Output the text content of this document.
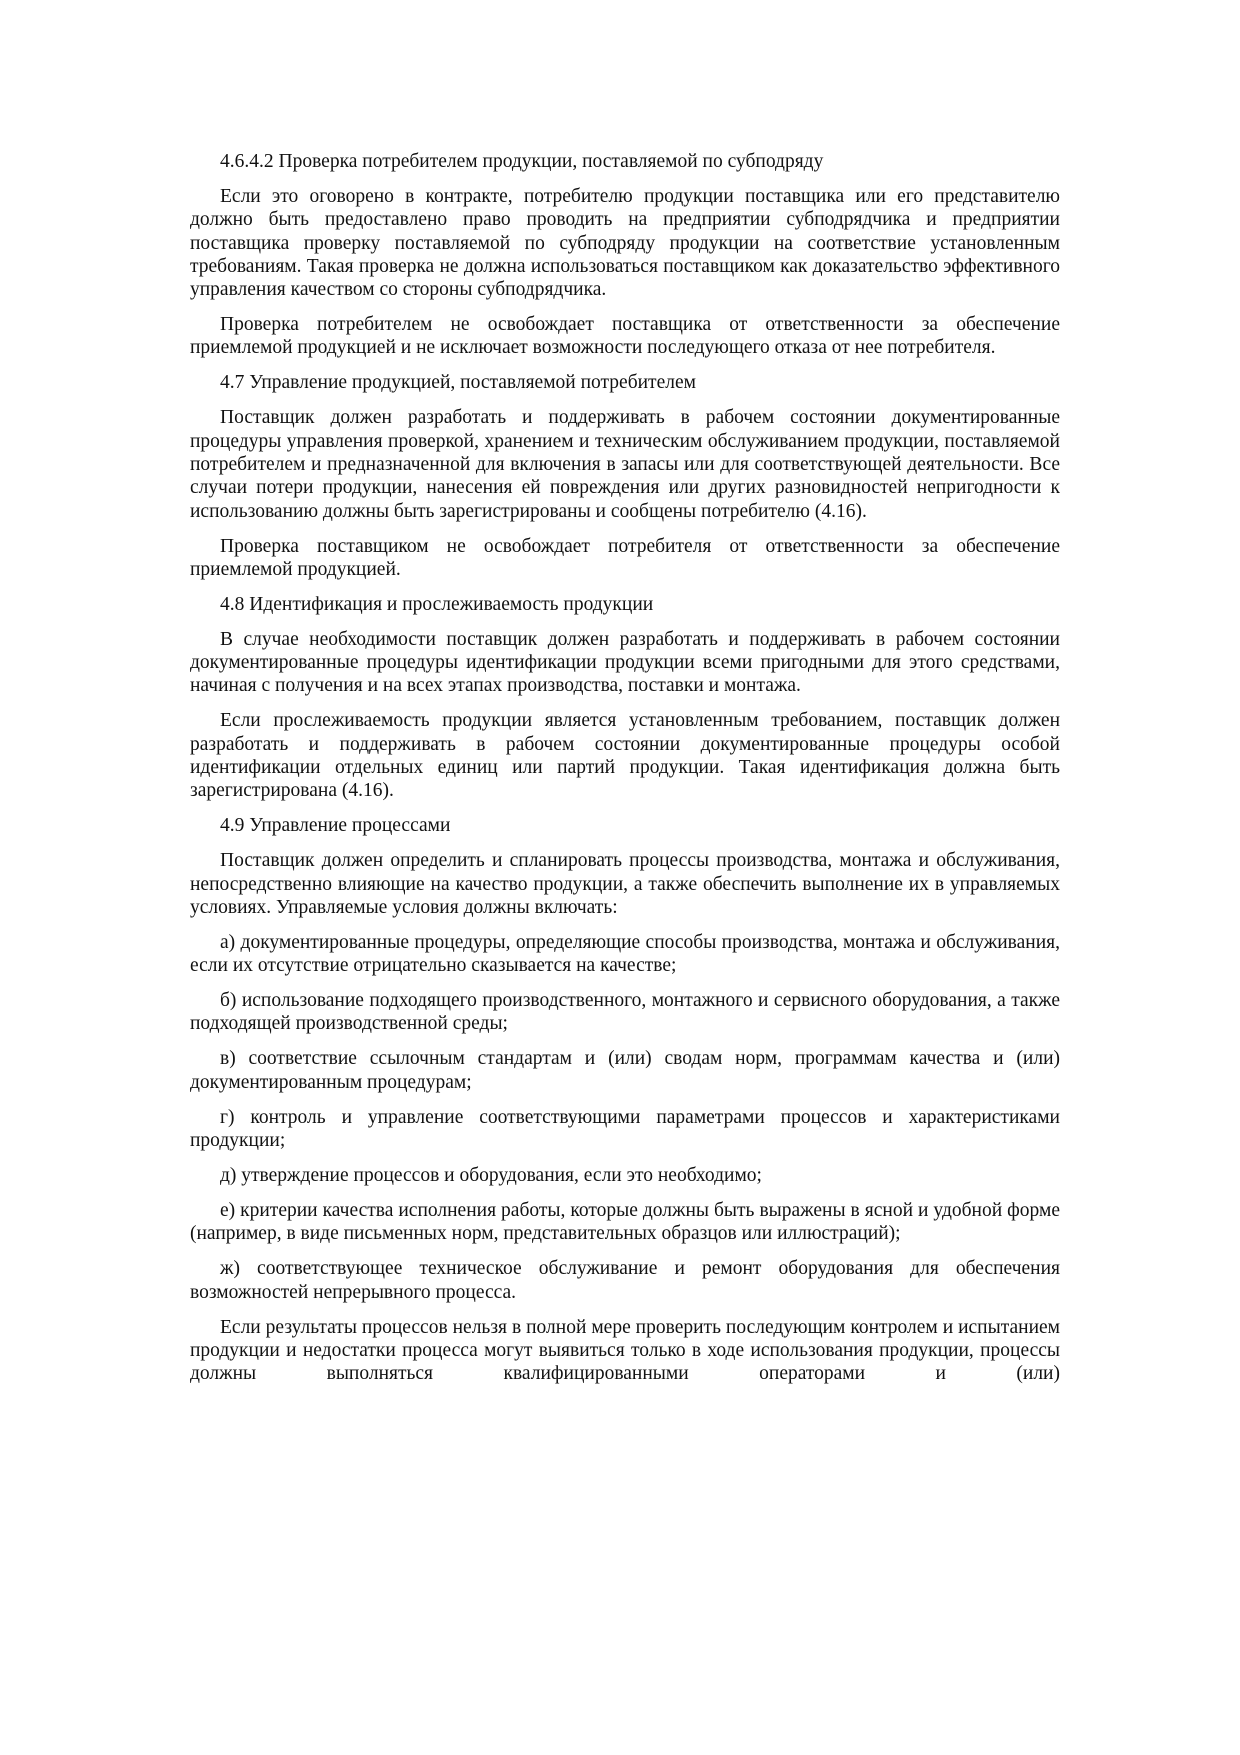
4.6.4.2 Проверка потребителем продукции, поставляемой по субподряду

Если это оговорено в контракте, потребителю продукции поставщика или его представителю должно быть предоставлено право проводить на предприятии субподрядчика и предприятии поставщика проверку поставляемой по субподряду продукции на соответствие установленным требованиям. Такая проверка не должна использоваться поставщиком как доказательство эффективного управления качеством со стороны субподрядчика.

Проверка потребителем не освобождает поставщика от ответственности за обеспечение приемлемой продукцией и не исключает возможности последующего отказа от нее потребителя.

4.7 Управление продукцией, поставляемой потребителем

Поставщик должен разработать и поддерживать в рабочем состоянии документированные процедуры управления проверкой, хранением и техническим обслуживанием продукции, поставляемой потребителем и предназначенной для включения в запасы или для соответствующей деятельности. Все случаи потери продукции, нанесения ей повреждения или других разновидностей непригодности к использованию должны быть зарегистрированы и сообщены потребителю (4.16).

Проверка поставщиком не освобождает потребителя от ответственности за обеспечение приемлемой продукцией.

4.8 Идентификация и прослеживаемость продукции

В случае необходимости поставщик должен разработать и поддерживать в рабочем состоянии документированные процедуры идентификации продукции всеми пригодными для этого средствами, начиная с получения и на всех этапах производства, поставки и монтажа.

Если прослеживаемость продукции является установленным требованием, поставщик должен разработать и поддерживать в рабочем состоянии документированные процедуры особой идентификации отдельных единиц или партий продукции. Такая идентификация должна быть зарегистрирована (4.16).

4.9 Управление процессами

Поставщик должен определить и спланировать процессы производства, монтажа и обслуживания, непосредственно влияющие на качество продукции, а также обеспечить выполнение их в управляемых условиях. Управляемые условия должны включать:

а) документированные процедуры, определяющие способы производства, монтажа и обслуживания, если их отсутствие отрицательно сказывается на качестве;

б) использование подходящего производственного, монтажного и сервисного оборудования, а также подходящей производственной среды;

в) соответствие ссылочным стандартам и (или) сводам норм, программам качества и (или) документированным процедурам;

г) контроль и управление соответствующими параметрами процессов и характеристиками продукции;

д) утверждение процессов и оборудования, если это необходимо;

е) критерии качества исполнения работы, которые должны быть выражены в ясной и удобной форме (например, в виде письменных норм, представительных образцов или иллюстраций);

ж) соответствующее техническое обслуживание и ремонт оборудования для обеспечения возможностей непрерывного процесса.

Если результаты процессов нельзя в полной мере проверить последующим контролем и испытанием продукции и недостатки процесса могут выявиться только в ходе использования продукции, процессы должны выполняться квалифицированными операторами и (или)
